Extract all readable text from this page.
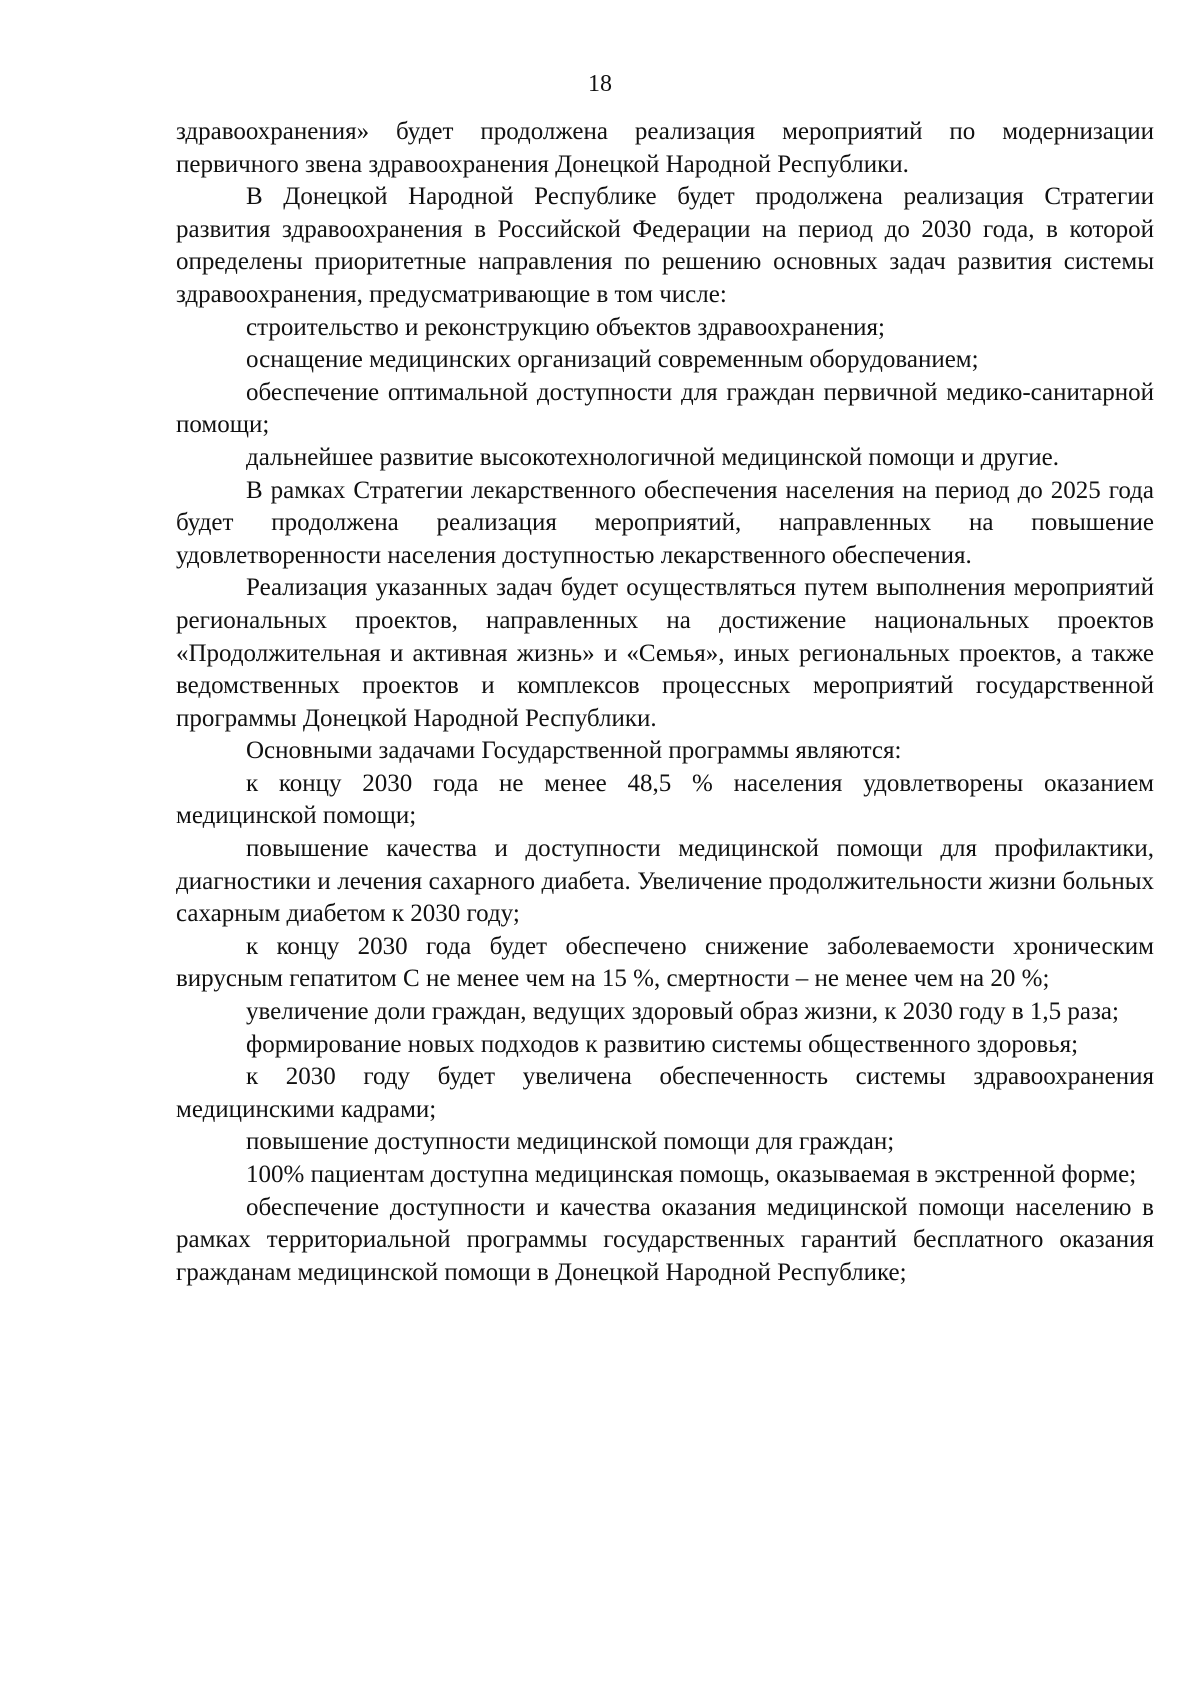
18

здравоохранения» будет продолжена реализация мероприятий по модернизации первичного звена здравоохранения Донецкой Народной Республики.

В Донецкой Народной Республике будет продолжена реализация Стратегии развития здравоохранения в Российской Федерации на период до 2030 года, в которой определены приоритетные направления по решению основных задач развития системы здравоохранения, предусматривающие в том числе:

строительство и реконструкцию объектов здравоохранения;

оснащение медицинских организаций современным оборудованием;

обеспечение оптимальной доступности для граждан первичной медико-санитарной помощи;

дальнейшее развитие высокотехнологичной медицинской помощи и другие.

В рамках Стратегии лекарственного обеспечения населения на период до 2025 года будет продолжена реализация мероприятий, направленных на повышение удовлетворенности населения доступностью лекарственного обеспечения.

Реализация указанных задач будет осуществляться путем выполнения мероприятий региональных проектов, направленных на достижение национальных проектов «Продолжительная и активная жизнь» и «Семья», иных региональных проектов, а также ведомственных проектов и комплексов процессных мероприятий государственной программы Донецкой Народной Республики.

Основными задачами Государственной программы являются:

к концу 2030 года не менее 48,5 % населения удовлетворены оказанием медицинской помощи;

повышение качества и доступности медицинской помощи для профилактики, диагностики и лечения сахарного диабета. Увеличение продолжительности жизни больных сахарным диабетом к 2030 году;

к концу 2030 года будет обеспечено снижение заболеваемости хроническим вирусным гепатитом С не менее чем на 15 %, смертности – не менее чем на 20 %;

увеличение доли граждан, ведущих здоровый образ жизни, к 2030 году в 1,5 раза;

формирование новых подходов к развитию системы общественного здоровья;

к 2030 году будет увеличена обеспеченность системы здравоохранения медицинскими кадрами;

повышение доступности медицинской помощи для граждан;

100% пациентам доступна медицинская помощь, оказываемая в экстренной форме;

обеспечение доступности и качества оказания медицинской помощи населению в рамках территориальной программы государственных гарантий бесплатного оказания гражданам медицинской помощи в Донецкой Народной Республике;
